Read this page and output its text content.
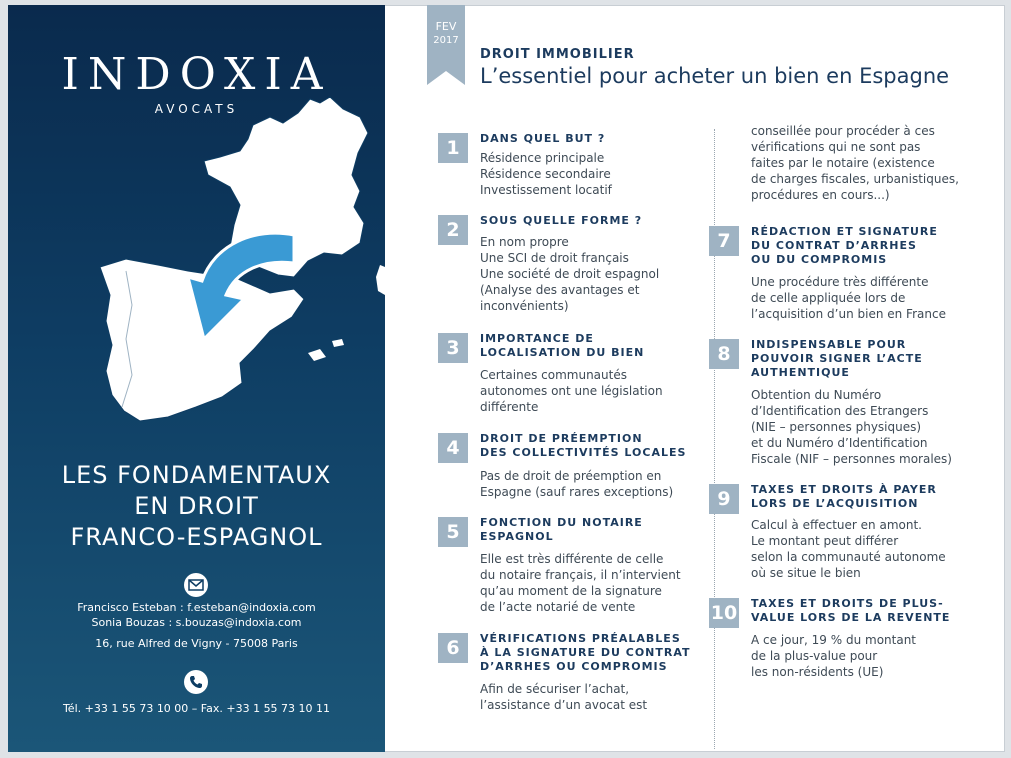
INDOXIA
AVOCATS
LES FONDAMENTAUX
EN DROIT
FRANCO-ESPAGNOL
Francisco Esteban : f.esteban@indoxia.com
Sonia Bouzas : s.bouzas@indoxia.com
16, rue Alfred de Vigny - 75008 Paris
Tél. +33 1 55 73 10 00 – Fax. +33 1 55 73 10 11
FEV
2017
DROIT IMMOBILIER
L’essentiel pour acheter un bien en Espagne
1	DANS QUEL BUT ?
Résidence principale
Résidence secondaire
Investissement locatif
2	SOUS QUELLE FORME ?
En nom propre
Une SCI de droit français
Une société de droit espagnol
(Analyse des avantages et
inconvénients)
3	IMPORTANCE DE
LOCALISATION DU BIEN
Certaines communautés
autonomes ont une législation
différente
4	DROIT DE PRÉEMPTION
DES COLLECTIVITÉS LOCALES
Pas de droit de préemption en
Espagne (sauf rares exceptions)
5	FONCTION DU NOTAIRE
ESPAGNOL
Elle est très différente de celle
du notaire français, il n’intervient
qu’au moment de la signature
de l’acte notarié de vente
6	VÉRIFICATIONS PRÉALABLES
À LA SIGNATURE DU CONTRAT
D’ARRHES OU COMPROMIS
Afin de sécuriser l’achat,
l’assistance d’un avocat est
conseillée pour procéder à ces
vérifications qui ne sont pas
faites par le notaire (existence
de charges fiscales, urbanistiques,
procédures en cours...)
7	RÉDACTION ET SIGNATURE
DU CONTRAT D’ARRHES
OU DU COMPROMIS
Une procédure très différente
de celle appliquée lors de
l’acquisition d’un bien en France
8	INDISPENSABLE POUR
POUVOIR SIGNER L’ACTE
AUTHENTIQUE
Obtention du Numéro
d’Identification des Etrangers
(NIE – personnes physiques)
et du Numéro d’Identification
Fiscale (NIF – personnes morales)
9	TAXES ET DROITS À PAYER
LORS DE L’ACQUISITION
Calcul à effectuer en amont.
Le montant peut différer
selon la communauté autonome
où se situe le bien
10 TAXES ET DROITS DE PLUS-
VALUE LORS DE LA REVENTE
A ce jour, 19 % du montant
de la plus-value pour
les non-résidents (UE)
